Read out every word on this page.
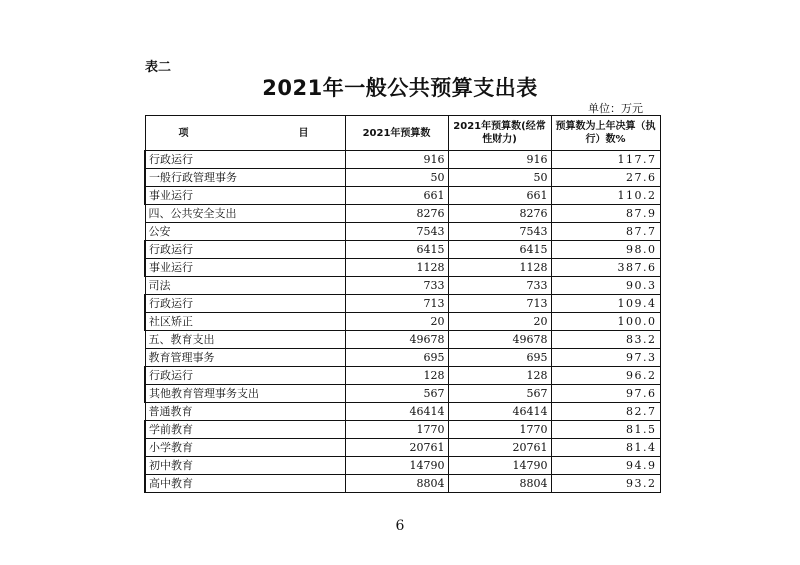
表二
2021年一般公共预算支出表
单位：万元
项　　目	2021年预算数	2021年预算数(经常性财力)	预算数为上年决算（执行）数%
行政运行	916	916	117.7
一般行政管理事务	50	50	27.6
事业运行	661	661	110.2
四、公共安全支出	8276	8276	87.9
公安	7543	7543	87.7
行政运行	6415	6415	98.0
事业运行	1128	1128	387.6
司法	733	733	90.3
行政运行	713	713	109.4
社区矫正	20	20	100.0
五、教育支出	49678	49678	83.2
教育管理事务	695	695	97.3
行政运行	128	128	96.2
其他教育管理事务支出	567	567	97.6
普通教育	46414	46414	82.7
学前教育	1770	1770	81.5
小学教育	20761	20761	81.4
初中教育	14790	14790	94.9
高中教育	8804	8804	93.2
6
